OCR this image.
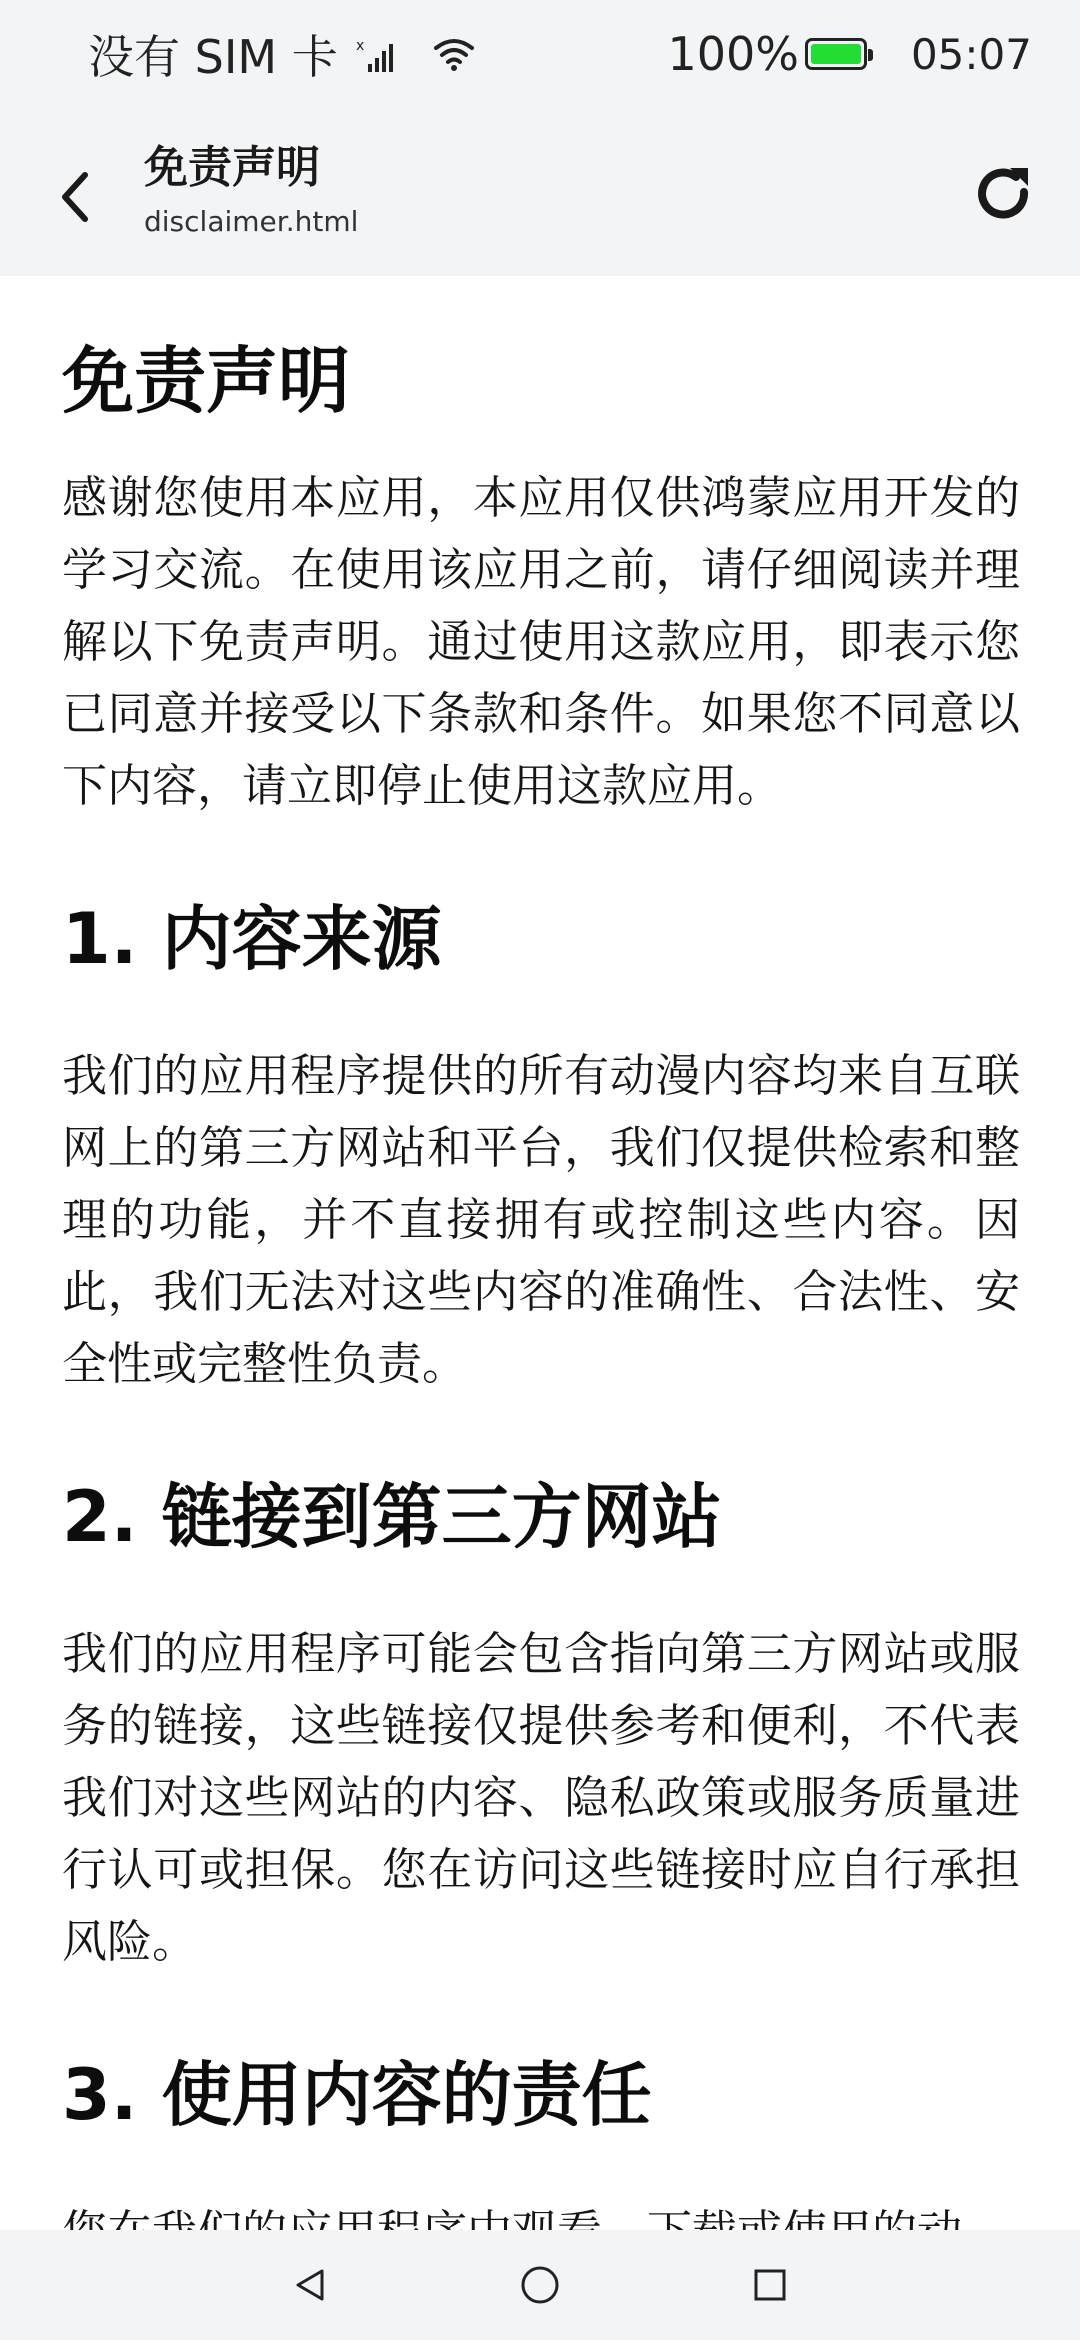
没有 SIM 卡 x	100%	05:07
免责声明
disclaimer.html
免责声明

感谢您使用本应用，本应用仅供鸿蒙应用开发的学习交流。在使用该应用之前，请仔细阅读并理解以下免责声明。通过使用这款应用，即表示您已同意并接受以下条款和条件。如果您不同意以下内容，请立即停止使用这款应用。

1. 内容来源

我们的应用程序提供的所有动漫内容均来自互联网上的第三方网站和平台，我们仅提供检索和整理的功能，并不直接拥有或控制这些内容。因此，我们无法对这些内容的准确性、合法性、安全性或完整性负责。

2. 链接到第三方网站

我们的应用程序可能会包含指向第三方网站或服务的链接，这些链接仅提供参考和便利，不代表我们对这些网站的内容、隐私政策或服务质量进行认可或担保。您在访问这些链接时应自行承担风险。

3. 使用内容的责任
